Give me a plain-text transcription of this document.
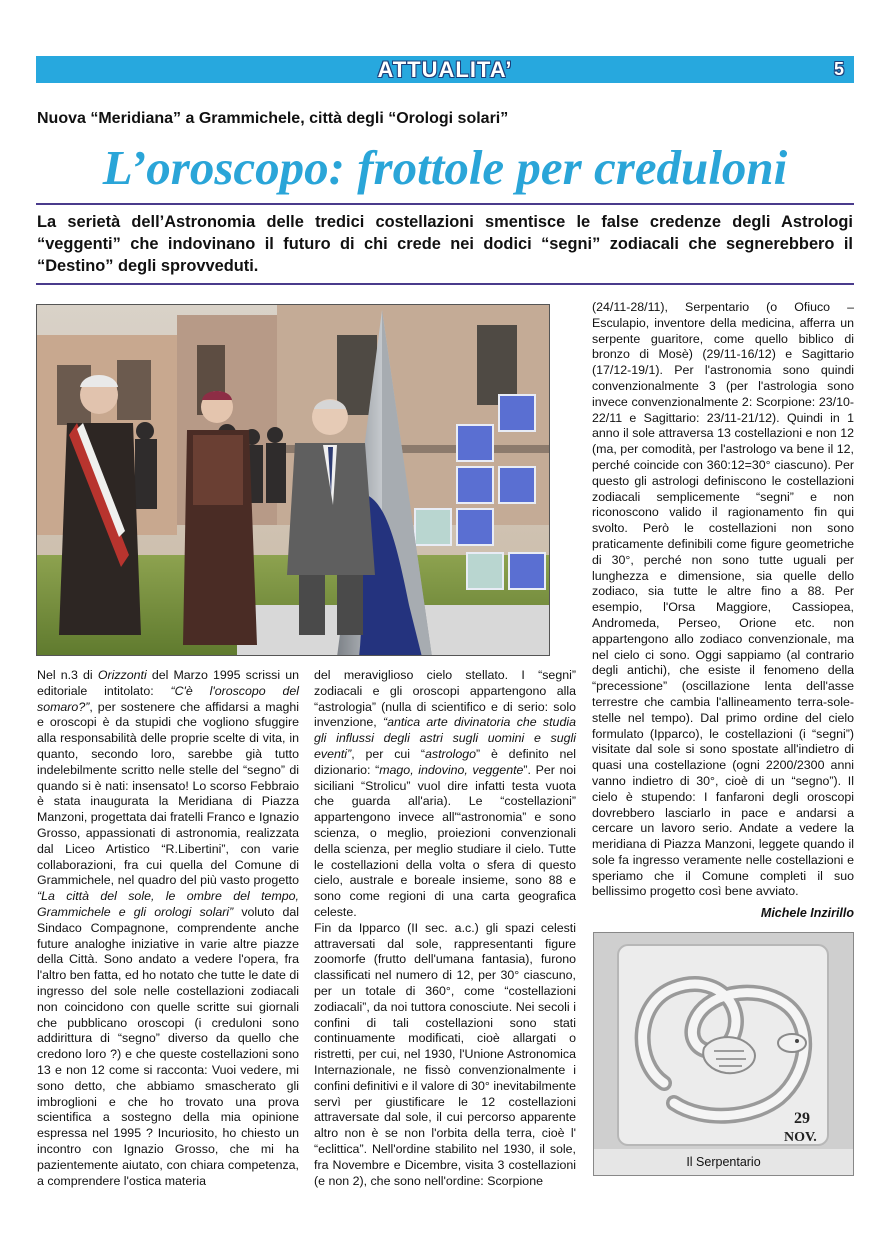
ATTUALITA’	5
Nuova “Meridiana” a Grammichele, città degli “Orologi solari”
L’oroscopo: frottole per creduloni
La serietà dell’Astronomia delle tredici costellazioni smentisce le false credenze degli Astrologi “veggenti” che indovinano il futuro di chi crede nei dodici “segni” zodiacali che segnerebbero il “Destino” degli sprovveduti.

Nel n.3 di Orizzonti del Marzo 1995 scrissi un editoriale intitolato: “C'è l'oroscopo del somaro?”, per sostenere che affidarsi a maghi e oroscopi è da stupidi che vogliono sfuggire alla responsabilità delle proprie scelte di vita, in quanto, secondo loro, sarebbe già tutto indelebilmente scritto nelle stelle del “segno” di quando si è nati: insensato! Lo scorso Febbraio è stata inaugurata la Meridiana di Piazza Manzoni, progettata dai fratelli Franco e Ignazio Grosso, appassionati di astronomia, realizzata dal Liceo Artistico “R.Libertini”, con varie collaborazioni, fra cui quella del Comune di Grammichele, nel quadro del più vasto progetto “La città del sole, le ombre del tempo, Grammichele e gli orologi solari” voluto dal Sindaco Compagnone, comprendente anche future analoghe iniziative in varie altre piazze della Città. Sono andato a vedere l'opera, fra l'altro ben fatta, ed ho notato che tutte le date di ingresso del sole nelle costellazioni zodiacali non coincidono con quelle scritte sui giornali che pubblicano oroscopi (i creduloni sono addirittura di “segno” diverso da quello che credono loro ?) e che queste costellazioni sono 13 e non 12 come si racconta: Vuoi vedere, mi sono detto, che abbiamo smascherato gli imbroglioni e che ho trovato una prova scientifica a sostegno della mia opinione espressa nel 1995 ? Incuriosito, ho chiesto un incontro con Ignazio Grosso, che mi ha pazientemente aiutato, con chiara competenza, a comprendere l'ostica materia

del meraviglioso cielo stellato. I “segni” zodiacali e gli oroscopi appartengono alla “astrologia” (nulla di scientifico e di serio: solo invenzione, “antica arte divinatoria che studia gli influssi degli astri sugli uomini e sugli eventi”, per cui “astrologo” è definito nel dizionario: “mago, indovino, veggente”. Per noi siciliani “Strolicu” vuol dire infatti testa vuota che guarda all'aria). Le “costellazioni” appartengono invece all'“astronomia” e sono scienza, o meglio, proiezioni convenzionali della scienza, per meglio studiare il cielo. Tutte le costellazioni della volta o sfera di questo cielo, australe e boreale insieme, sono 88 e sono come regioni di una carta geografica celeste.
Fin da Ipparco (II sec. a.c.) gli spazi celesti attraversati dal sole, rappresentanti figure zoomorfe (frutto dell'umana fantasia), furono classificati nel numero di 12, per 30° ciascuno, per un totale di 360°, come “costellazioni zodiacali”, da noi tuttora conosciute. Nei secoli i confini di tali costellazioni sono stati continuamente modificati, cioè allargati o ristretti, per cui, nel 1930, l'Unione Astronomica Internazionale, ne fissò convenzionalmente i confini definitivi e il valore di 30° inevitabilmente servì per giustificare le 12 costellazioni attraversate dal sole, il cui percorso apparente altro non è se non l'orbita della terra, cioè l' “eclittica”. Nell'ordine stabilito nel 1930, il sole, fra Novembre e Dicembre, visita 3 costellazioni (e non 2), che sono nell'ordine: Scorpione

(24/11-28/11), Serpentario (o Ofiuco – Esculapio, inventore della medicina, afferra un serpente guaritore, come quello biblico di bronzo di Mosè) (29/11-16/12) e Sagittario (17/12-19/1). Per l'astronomia sono quindi convenzionalmente 3 (per l'astrologia sono invece convenzionalmente 2: Scorpione: 23/10-22/11 e Sagittario: 23/11-21/12). Quindi in 1 anno il sole attraversa 13 costellazioni e non 12 (ma, per comodità, per l'astrologo va bene il 12, perché coincide con 360:12=30° ciascuno). Per questo gli astrologi definiscono le costellazioni zodiacali semplicemente “segni” e non riconoscono valido il ragionamento fin qui svolto. Però le costellazioni non sono praticamente definibili come figure geometriche di 30°, perché non sono tutte uguali per lunghezza e dimensione, sia quelle dello zodiaco, sia tutte le altre fino a 88. Per esempio, l'Orsa Maggiore, Cassiopea, Andromeda, Perseo, Orione etc. non appartengono allo zodiaco convenzionale, ma nel cielo ci sono. Oggi sappiamo (al contrario degli antichi), che esiste il fenomeno della “precessione” (oscillazione lenta dell'asse terrestre che cambia l'allineamento terra-sole-stelle nel tempo). Dal primo ordine del cielo formulato (Ipparco), le costellazioni (i “segni”) visitate dal sole si sono spostate all'indietro di quasi una costellazione (ogni 2200/2300 anni vanno indietro di 30°, cioè di un “segno”). Il cielo è stupendo: I fanfaroni degli oroscopi dovrebbero lasciarlo in pace e andarsi a cercare un lavoro serio. Andate a vedere la meridiana di Piazza Manzoni, leggete quando il sole fa ingresso veramente nelle costellazioni e speriamo che il Comune completi il suo bellissimo progetto così bene avviato.

Michele Inzirillo
29
NOV.
Il Serpentario
